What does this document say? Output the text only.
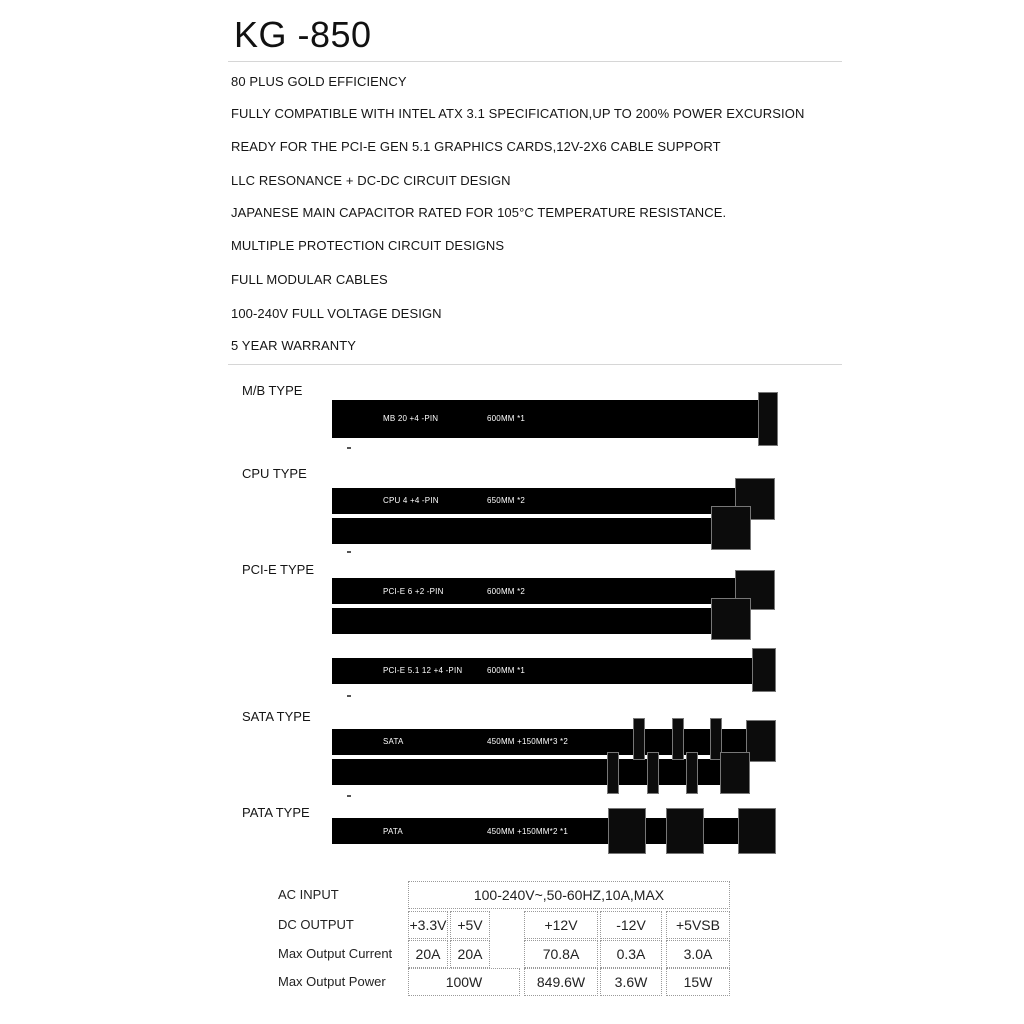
KG -850
80 PLUS GOLD EFFICIENCY
FULLY COMPATIBLE WITH INTEL ATX 3.1 SPECIFICATION,UP TO 200% POWER EXCURSION
READY FOR THE PCI-E GEN 5.1 GRAPHICS CARDS,12V-2X6 CABLE SUPPORT
LLC RESONANCE + DC-DC CIRCUIT DESIGN
JAPANESE MAIN CAPACITOR RATED FOR 105°C TEMPERATURE RESISTANCE.
MULTIPLE PROTECTION CIRCUIT DESIGNS
FULL MODULAR CABLES
100-240V FULL VOLTAGE DESIGN
5 YEAR WARRANTY
M/B TYPE
MB 20 +4 -PIN	600MM *1
CPU TYPE
CPU 4 +4 -PIN	650MM *2
PCI-E TYPE
PCI-E 6 +2 -PIN	600MM *2
PCI-E 5.1 12 +4 -PIN	600MM *1
SATA TYPE
SATA	450MM +150MM*3 *2
PATA TYPE
PATA	450MM +150MM*2 *1
AC INPUT	100-240V~,50-60HZ,10A,MAX
DC OUTPUT	+3.3V +5V	+12V	-12V	+5VSB
Max Output Current	20A	20A	70.8A	0.3A	3.0A
Max Output Power	100W	849.6W	3.6W	15W
